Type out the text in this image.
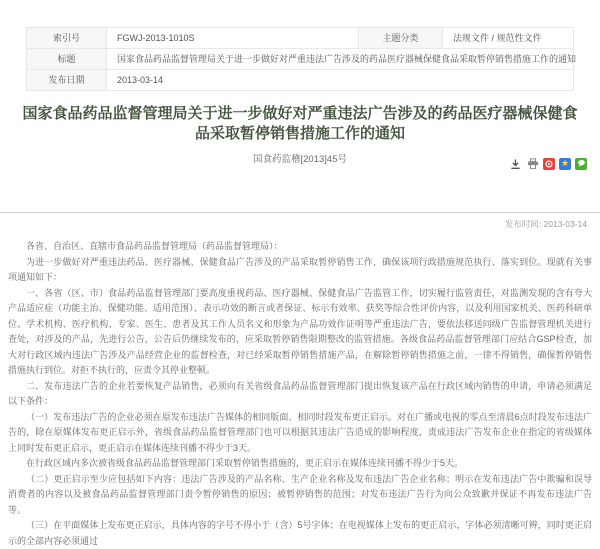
索引号	FGWJ-2013-1010S	主题分类	法规文件 / 规范性文件
标题	国家食品药品监督管理局关于进一步做好对严重违法广告涉及的药品医疗器械保健食品采取暂停销售措施工作的通知		
发布日期	2013-03-14		
国家食品药品监督管理局关于进一步做好对严重违法广告涉及的药品医疗器械保健食品采取暂停销售措施工作的通知
国食药监稽[2013]45号	★
发布时间: 2013-03-14

各省、自治区、直辖市食品药品监督管理局（药品监督管理局）：

为进一步做好对严重违法药品、医疗器械、保健食品广告涉及的产品采取暂停销售工作，确保该项行政措施规范执行、落实到位。现就有关事项通知如下：

一、各省（区、市）食品药品监督管理部门要高度重视药品、医疗器械、保健食品广告监管工作，切实履行监管责任，对监测发现的含有夸大产品适应症（功能主治、保健功能、适用范围）、表示功效的断言或者保证、标示有效率、获奖等综合性评价内容，以及利用国家机关、医药科研单位、学术机构、医疗机构、专家、医生、患者及其工作人员名义和形象为产品功效作证明等严重违法广告，要依法移送同级广告监督管理机关进行查处，对涉及的产品，先进行公告，公告后仍继续发布的，应采取暂停销售限期整改的监管措施。各级食品药品监督管理部门应结合GSP检查，加大对行政区域内违法广告涉及产品经营企业的监督检查，对已经采取暂停销售措施产品，在解除暂停销售措施之前，一律不得销售，确保暂停销售措施执行到位。对拒不执行的，应责令其停业整顿。

二、发布违法广告的企业若要恢复产品销售，必须向有关省级食品药品监督管理部门提出恢复该产品在行政区域内销售的申请，申请必须满足以下条件：

（一）发布违法广告的企业必须在原发布违法广告媒体的相同版面、相同时段发布更正启示。对在广播或电视的零点至清晨6点时段发布违法广告的，除在原媒体发布更正启示外，省级食品药品监督管理部门也可以根据其违法广告造成的影响程度，责成违法广告发布企业在指定的省级媒体上同时发布更正启示，更正启示在媒体连续刊播不得少于3天。

在行政区域内多次被省级食品药品监督管理部门采取暂停销售措施的，更正启示在媒体连续刊播不得少于5天。

（二）更正启示至少应包括如下内容：违法广告涉及的产品名称、生产企业名称及发布违法广告企业名称；明示在发布违法广告中欺骗和误导消费者的内容以及被食品药品监督管理部门责令暂停销售的原因；被暂停销售的范围；对发布违法广告行为向公众致歉并保证不再发布违法广告等。

（三）在平面媒体上发布更正启示，具体内容的字号不得小于（含）5号字体；在电视媒体上发布的更正启示，字体必须清晰可辨，同时更正启示的全部内容必须通过
